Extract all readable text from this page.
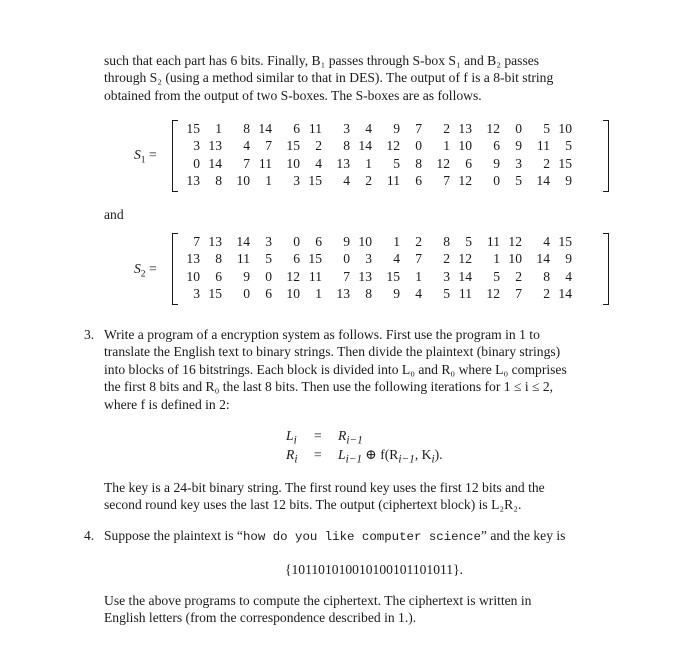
such that each part has 6 bits. Finally, B₁ passes through S-box S₁ and B₂ passes
through S₂ (using a method similar to that in DES). The output of f is a 8-bit string
obtained from the output of two S-boxes. The S-boxes are as follows.
$S_1$ =
15	1	8	14	6	11	3	4	9	7	2	13	12	0	5	10
3	13	4	7	15	2	8	14	12	0	1	10	6	9	11	5
0	14	7	11	10	4	13	1	5	8	12	6	9	3	2	15
13	8	10	1	3	15	4	2	11	6	7	12	0	5	14	9
and
$S_2$ =
7	13	14	3	0	6	9	10	1	2	8	5	11	12	4	15
13	8	11	5	6	15	0	3	4	7	2	12	1	10	14	9
10	6	9	0	12	11	7	13	15	1	3	14	5	2	8	4
3	15	0	6	10	1	13	8	9	4	5	11	12	7	2	14
3. Write a program of a encryption system as follows. First use the program in 1 to
translate the English text to binary strings. Then divide the plaintext (binary strings)
into blocks of 16 bitstrings. Each block is divided into L₀ and R₀ where L₀ comprises
the first 8 bits and R₀ the last 8 bits. Then use the following iterations for 1 ≤ i ≤ 2,
where f is defined in 2:
$L_i = R_{i-1}$
$R_i = L_{i-1}$ ⊕ $f(R_{i-1}$, $K_i$).
The key is a 24-bit binary string. The first round key uses the first 12 bits and the
second round key uses the last 12 bits. The output (ciphertext block) is L₂R₂.
4. Suppose the plaintext is “how do you like computer science” and the key is
{101101010010100101101011}.
Use the above programs to compute the ciphertext. The ciphertext is written in
English letters (from the correspondence described in 1.).
